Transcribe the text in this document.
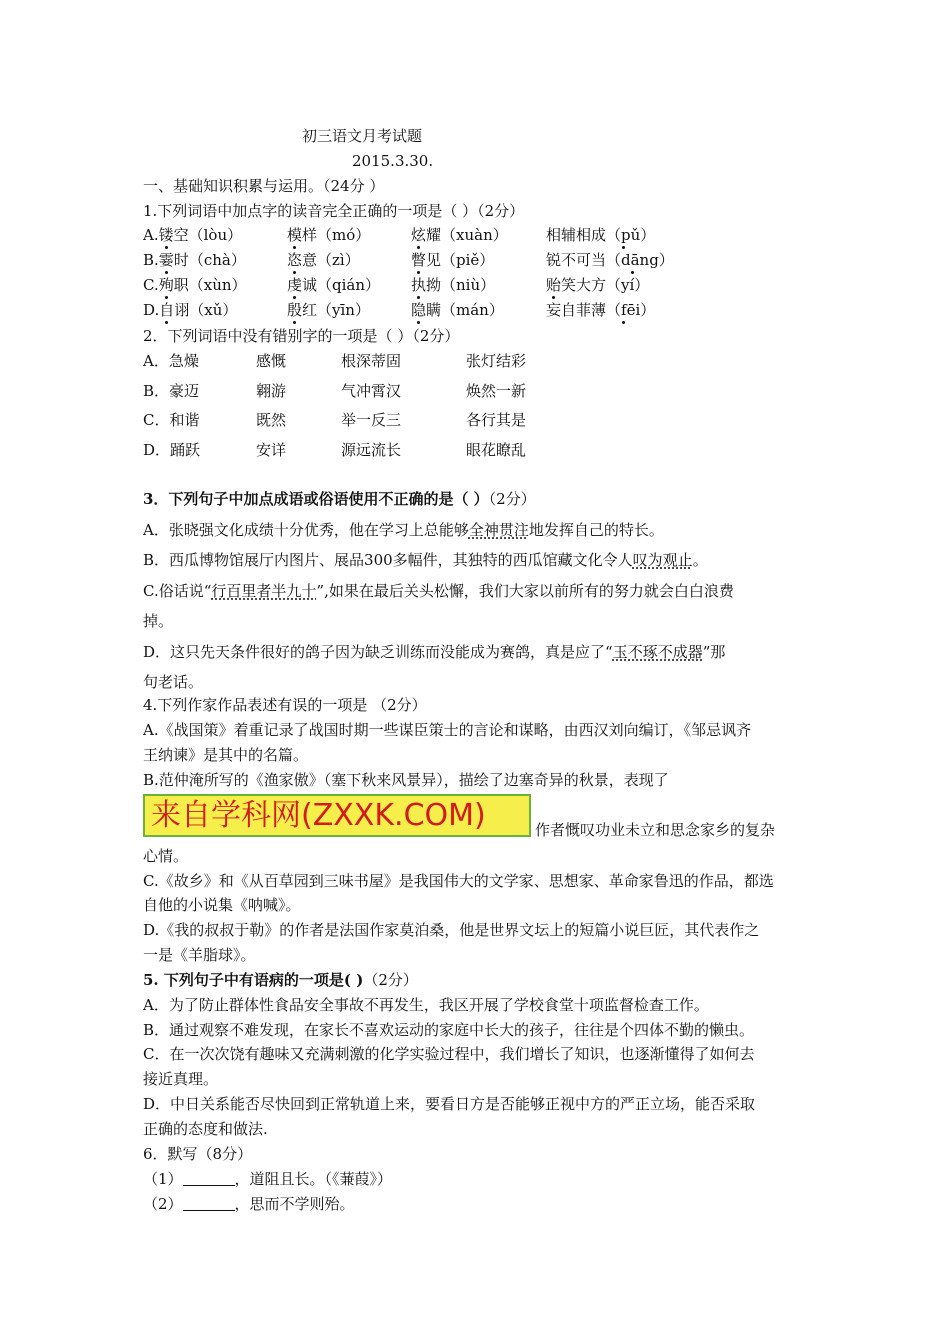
初三语文月考试题
2015.3.30.
一、基础知识积累与运用。（24分 ）
1.下列词语中加点字的读音完全正确的一项是（ ）（2分）
A.镂空（lòu）	模样（mó）	炫耀（xuàn）	相辅相成（pǔ）
B.霎时（chà）	恣意（zì）	瞥见（piě）	锐不可当（dāng）
C.殉职（xùn）	虔诚（qián） 执拗（niù）	贻笑大方（yí）
D.自诩（xǔ）	殷红（yīn）	隐瞒（mán）	妄自菲薄（fēi）
2．下列词语中没有错别字的一项是（ ）（2分）
A．急燥	感慨	根深蒂固	张灯结彩
B．豪迈	翱游	气冲霄汉	焕然一新
C．和谐	既然	举一反三	各行其是
D．踊跃	安详	源远流长	眼花瞭乱
3．下列句子中加点成语或俗语使用不正确的是（ ）（2分）
A．张晓强文化成绩十分优秀，他在学习上总能够全神贯注地发挥自己的特长。
B．西瓜博物馆展厅内图片、展品300多幅件，其独特的西瓜馆藏文化令人叹为观止。
C.俗话说“行百里者半九十”,如果在最后关头松懈，我们大家以前所有的努力就会白白浪费
掉。
D．这只先天条件很好的鸽子因为缺乏训练而没能成为赛鸽，真是应了“玉不琢不成器”那
句老话。
4.下列作家作品表述有误的一项是 （2分）
A.《战国策》着重记录了战国时期一些谋臣策士的言论和谋略，由西汉刘向编订，《邹忌讽齐
王纳谏》是其中的名篇。
B.范仲淹所写的《渔家傲》（塞下秋来风景异），描绘了边塞奇异的秋景，表现了
来自学科网(ZXXK.COM)	作者慨叹功业未立和思念家乡的复杂
心情。
C.《故乡》和《从百草园到三味书屋》是我国伟大的文学家、思想家、革命家鲁迅的作品，都选
自他的小说集《呐喊》。
D.《我的叔叔于勒》的作者是法国作家莫泊桑，他是世界文坛上的短篇小说巨匠，其代表作之
一是《羊脂球》。
5. 下列句子中有语病的一项是( )（2分）
A．为了防止群体性食品安全事故不再发生，我区开展了学校食堂十项监督检查工作。
B．通过观察不难发现，在家长不喜欢运动的家庭中长大的孩子，往往是个四体不勤的懒虫。
C．在一次次饶有趣味又充满刺激的化学实验过程中，我们增长了知识，也逐渐懂得了如何去
接近真理。
D．中日关系能否尽快回到正常轨道上来，要看日方是否能够正视中方的严正立场，能否采取
正确的态度和做法.
6．默写（8分）
（1）	，道阻且长。（《蒹葭》）
（2）	，思而不学则殆。
